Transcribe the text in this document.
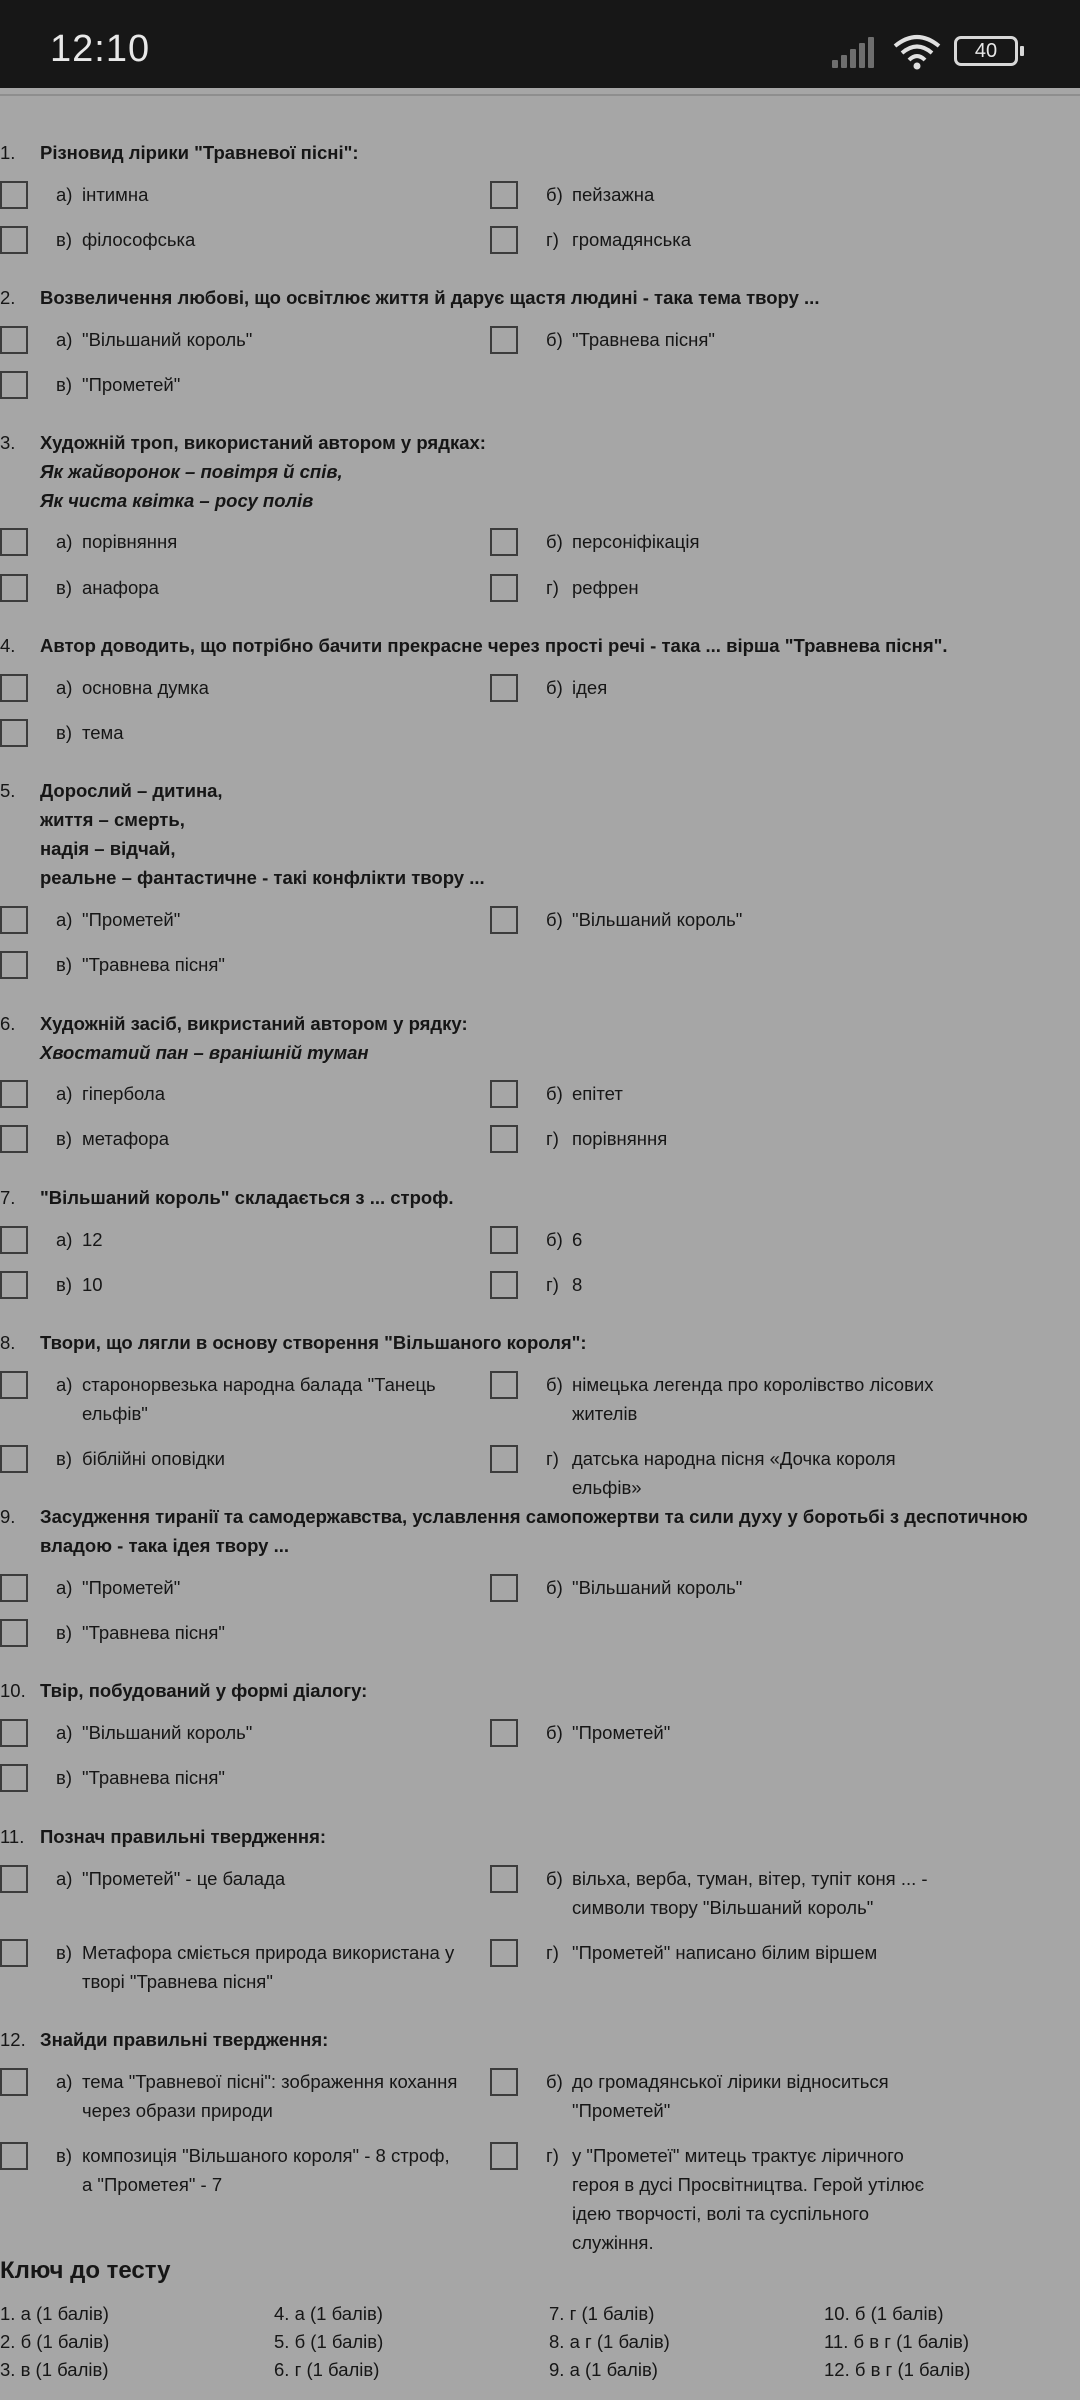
12:10	40
1. Різновид лірики "Травневої пісні":
а) інтимна	б) пейзажна
в) філософська	г) громадянська
2. Возвеличення любові, що освітлює життя й дарує щастя людині - така тема твору ...
а) "Вільшаний король"	б) "Травнева пісня"
в) "Прометей"
3. Художній троп, використаний автором у рядках:
Як жайворонок – повітря й спів,
Як чиста квітка – росу полів
а) порівняння	б) персоніфікація
в) анафора	г) рефрен
4. Автор доводить, що потрібно бачити прекрасне через прості речі - така ... вірша "Травнева пісня".
а) основна думка	б) ідея
в) тема
5. Дорослий – дитина,
життя – смерть,
надія – відчай,
реальне – фантастичне - такі конфлікти твору ...
а) "Прометей"	б) "Вільшаний король"
в) "Травнева пісня"
6. Художній засіб, викристаний автором у рядку:
Хвостатий пан – вранішній туман
а) гіпербола	б) епітет
в) метафора	г) порівняння
7. "Вільшаний король" складається з ... строф.
а) 12	б) 6
в) 10	г) 8
8. Твори, що лягли в основу створення "Вільшаного короля":
а) старонорвезька народна балада "Танець ельфів"
б) німецька легенда про королівство лісових жителів
в) біблійні оповідки	г) датська народна пісня «Дочка короля ельфів»
9. Засудження тиранії та самодержавства, уславлення самопожертви та сили духу у боротьбі з деспотичною владою - така ідея твору ...
а) "Прометей"	б) "Вільшаний король"
в) "Травнева пісня"
10. Твір, побудований у формі діалогу:
а) "Вільшаний король"	б) "Прометей"
в) "Травнева пісня"
11. Познач правильні твердження:
а) "Прометей" - це балада	б) вільха, верба, туман, вітер, тупіт коня ... - символи твору "Вільшаний король"
в) Метафора сміється природа використана у творі "Травнева пісня"
г) "Прометей" написано білим віршем
12. Знайди правильні твердження:
а) тема "Травневої пісні": зображення кохання через образи природи
б) до громадянської лірики відноситься "Прометей"
в) композиція "Вільшаного короля" - 8 строф, а "Прометея" - 7
г) у "Прометеї" митець трактує ліричного героя в дусі Просвітництва. Герой утілює ідею творчості, волі та суспільного служіння.
Ключ до тесту
1. а (1 балів)	4. а (1 балів)	7. г (1 балів)	10. б (1 балів)
2. б (1 балів)	5. б (1 балів)	8. а г (1 балів)	11. б в г (1 балів)
3. в (1 балів)	6. г (1 балів)	9. а (1 балів)	12. б в г (1 балів)
